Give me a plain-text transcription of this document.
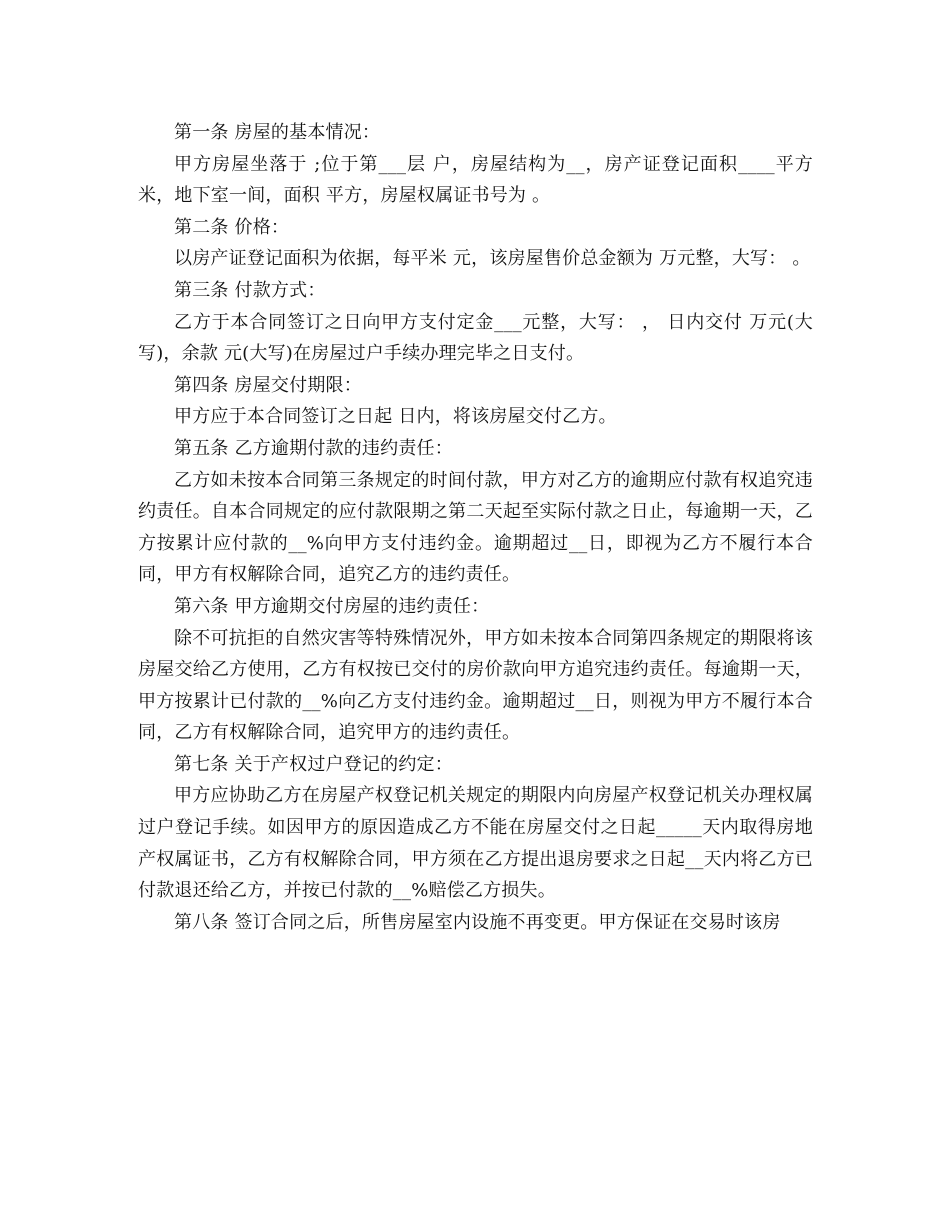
第一条 房屋的基本情况：

甲方房屋坐落于 ;位于第___层 户，房屋结构为__，房产证登记面积____平方米，地下室一间，面积 平方，房屋权属证书号为 。

第二条 价格：

以房产证登记面积为依据，每平米 元，该房屋售价总金额为 万元整，大写： 。

第三条 付款方式：

乙方于本合同签订之日向甲方支付定金___元整，大写： ， 日内交付 万元(大写)，余款 元(大写)在房屋过户手续办理完毕之日支付。

第四条 房屋交付期限：

甲方应于本合同签订之日起 日内，将该房屋交付乙方。

第五条 乙方逾期付款的违约责任：

乙方如未按本合同第三条规定的时间付款，甲方对乙方的逾期应付款有权追究违约责任。自本合同规定的应付款限期之第二天起至实际付款之日止，每逾期一天，乙方按累计应付款的__%向甲方支付违约金。逾期超过__日，即视为乙方不履行本合同，甲方有权解除合同，追究乙方的违约责任。

第六条 甲方逾期交付房屋的违约责任：

除不可抗拒的自然灾害等特殊情况外，甲方如未按本合同第四条规定的期限将该房屋交给乙方使用，乙方有权按已交付的房价款向甲方追究违约责任。每逾期一天，甲方按累计已付款的__%向乙方支付违约金。逾期超过__日，则视为甲方不履行本合同，乙方有权解除合同，追究甲方的违约责任。

第七条 关于产权过户登记的约定：

甲方应协助乙方在房屋产权登记机关规定的期限内向房屋产权登记机关办理权属过户登记手续。如因甲方的原因造成乙方不能在房屋交付之日起_____天内取得房地产权属证书，乙方有权解除合同，甲方须在乙方提出退房要求之日起__天内将乙方已付款退还给乙方，并按已付款的__%赔偿乙方损失。

第八条 签订合同之后，所售房屋室内设施不再变更。甲方保证在交易时该房
